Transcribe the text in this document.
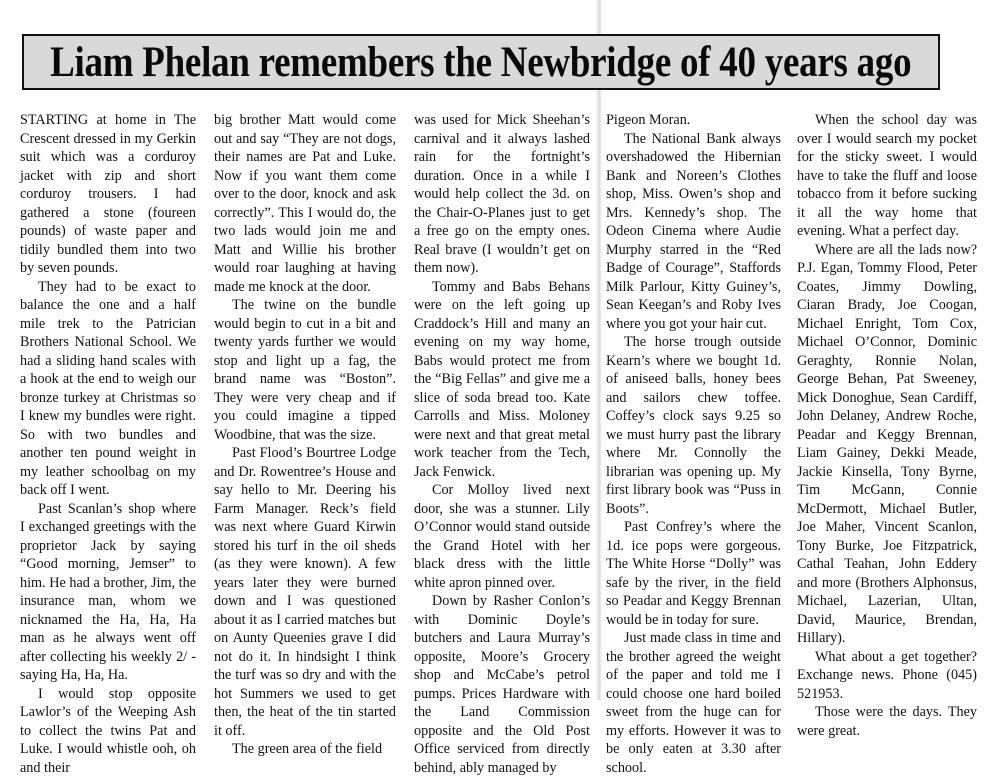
Liam Phelan remembers the Newbridge of 40 years ago

STARTING at home in The Crescent dressed in my Gerkin suit which was a corduroy jacket with zip and short corduroy trousers. I had gathered a stone (foureen pounds) of waste paper and tidily bundled them into two by seven pounds.

They had to be exact to balance the one and a half mile trek to the Patrician Brothers National School. We had a sliding hand scales with a hook at the end to weigh our bronze turkey at Christmas so I knew my bundles were right. So with two bundles and another ten pound weight in my leather schoolbag on my back off I went.

Past Scanlan’s shop where I exchanged greetings with the proprietor Jack by saying “Good morning, Jemser” to him. He had a brother, Jim, the insurance man, whom we nicknamed the Ha, Ha, Ha man as he always went off after collecting his weekly 2/ - saying Ha, Ha, Ha.

I would stop opposite Lawlor’s of the Weeping Ash to collect the twins Pat and Luke. I would whistle ooh, oh and their

big brother Matt would come out and say “They are not dogs, their names are Pat and Luke. Now if you want them come over to the door, knock and ask correctly”. This I would do, the two lads would join me and Matt and Willie his brother would roar laughing at having made me knock at the door.

The twine on the bundle would begin to cut in a bit and twenty yards further we would stop and light up a fag, the brand name was “Boston”. They were very cheap and if you could imagine a tipped Woodbine, that was the size.

Past Flood’s Bourtree Lodge and Dr. Rowentree’s House and say hello to Mr. Deering his Farm Manager. Reck’s field was next where Guard Kirwin stored his turf in the oil sheds (as they were known). A few years later they were burned down and I was questioned about it as I carried matches but on Aunty Queenies grave I did not do it. In hindsight I think the turf was so dry and with the hot Summers we used to get then, the heat of the tin started it off.

The green area of the field

was used for Mick Sheehan’s carnival and it always lashed rain for the fortnight’s duration. Once in a while I would help collect the 3d. on the Chair-O-Planes just to get a free go on the empty ones. Real brave (I wouldn’t get on them now).

Tommy and Babs Behans were on the left going up Craddock’s Hill and many an evening on my way home, Babs would protect me from the “Big Fellas” and give me a slice of soda bread too. Kate Carrolls and Miss. Moloney were next and that great metal work teacher from the Tech, Jack Fenwick.

Cor Molloy lived next door, she was a stunner. Lily O’Connor would stand outside the Grand Hotel with her black dress with the little white apron pinned over.

Down by Rasher Conlon’s with Dominic Doyle’s butchers and Laura Murray’s opposite, Moore’s Grocery shop and McCabe’s petrol pumps. Prices Hardware with the Land Commission opposite and the Old Post Office serviced from directly behind, ably managed by

Pigeon Moran.

The National Bank always overshadowed the Hibernian Bank and Noreen’s Clothes shop, Miss. Owen’s shop and Mrs. Kennedy’s shop. The Odeon Cinema where Audie Murphy starred in the “Red Badge of Courage”, Staffords Milk Parlour, Kitty Guiney’s, Sean Keegan’s and Roby Ives where you got your hair cut.

The horse trough outside Kearn’s where we bought 1d. of aniseed balls, honey bees and sailors chew toffee. Coffey’s clock says 9.25 so we must hurry past the library where Mr. Connolly the librarian was opening up. My first library book was “Puss in Boots”.

Past Confrey’s where the 1d. ice pops were gorgeous. The White Horse “Dolly” was safe by the river, in the field so Peadar and Keggy Brennan would be in today for sure.

Just made class in time and the brother agreed the weight of the paper and told me I could choose one hard boiled sweet from the huge can for my efforts. However it was to be only eaten at 3.30 after school.

When the school day was over I would search my pocket for the sticky sweet. I would have to take the fluff and loose tobacco from it before sucking it all the way home that evening. What a perfect day.

Where are all the lads now? P.J. Egan, Tommy Flood, Peter Coates, Jimmy Dowling, Ciaran Brady, Joe Coogan, Michael Enright, Tom Cox, Michael O’Connor, Dominic Geraghty, Ronnie Nolan, George Behan, Pat Sweeney, Mick Donoghue, Sean Cardiff, John Delaney, Andrew Roche, Peadar and Keggy Brennan, Liam Gainey, Dekki Meade, Jackie Kinsella, Tony Byrne, Tim McGann, Connie McDermott, Michael Butler, Joe Maher, Vincent Scanlon, Tony Burke, Joe Fitzpatrick, Cathal Teahan, John Eddery and more (Brothers Alphonsus, Michael, Lazerian, Ultan, David, Maurice, Brendan, Hillary).

What about a get together? Exchange news. Phone (045) 521953.

Those were the days. They were great.
